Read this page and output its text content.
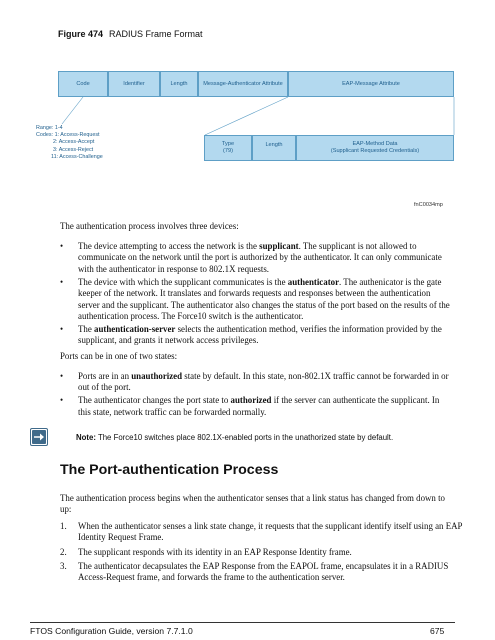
Figure 474 RADIUS Frame Format
Code	Identifier	Length	Message-Authenticator Attribute	EAP-Message Attribute
Range: 1-4
Codes: 1: Access-Request
2: Access-Accept
3: Access-Reject
11: Access-Challenge
Type
(79)
Length	EAP-Method Data
(Supplicant Requested Credentials)
fnC0034mp
The authentication process involves three devices:
• The device attempting to access the network is the supplicant. The supplicant is not allowed to communicate on the network until the port is authorized by the authenticator. It can only communicate with the authenticator in response to 802.1X requests.
• The device with which the supplicant communicates is the authenticator. The authenicator is the gate keeper of the network. It translates and forwards requests and responses between the authentication server and the supplicant. The authenticator also changes the status of the port based on the results of the authentication process. The Force10 switch is the authenticator.
• The authentication-server selects the authentication method, verifies the information provided by the supplicant, and grants it network access privileges.
Ports can be in one of two states:
• Ports are in an unauthorized state by default. In this state, non-802.1X traffic cannot be forwarded in or out of the port.
• The authenticator changes the port state to authorized if the server can authenticate the supplicant. In this state, network traffic can be forwarded normally.
Note: The Force10 switches place 802.1X-enabled ports in the unathorized state by default.
The Port-authentication Process
The authentication process begins when the authenticator senses that a link status has changed from down to up:
1. When the authenticator senses a link state change, it requests that the supplicant identify itself using an EAP Identity Request Frame.
2. The supplicant responds with its identity in an EAP Response Identity frame.
3. The authenticator decapsulates the EAP Response from the EAPOL frame, encapsulates it in a RADIUS Access-Request frame, and forwards the frame to the authentication server.
FTOS Configuration Guide, version 7.7.1.0	675
